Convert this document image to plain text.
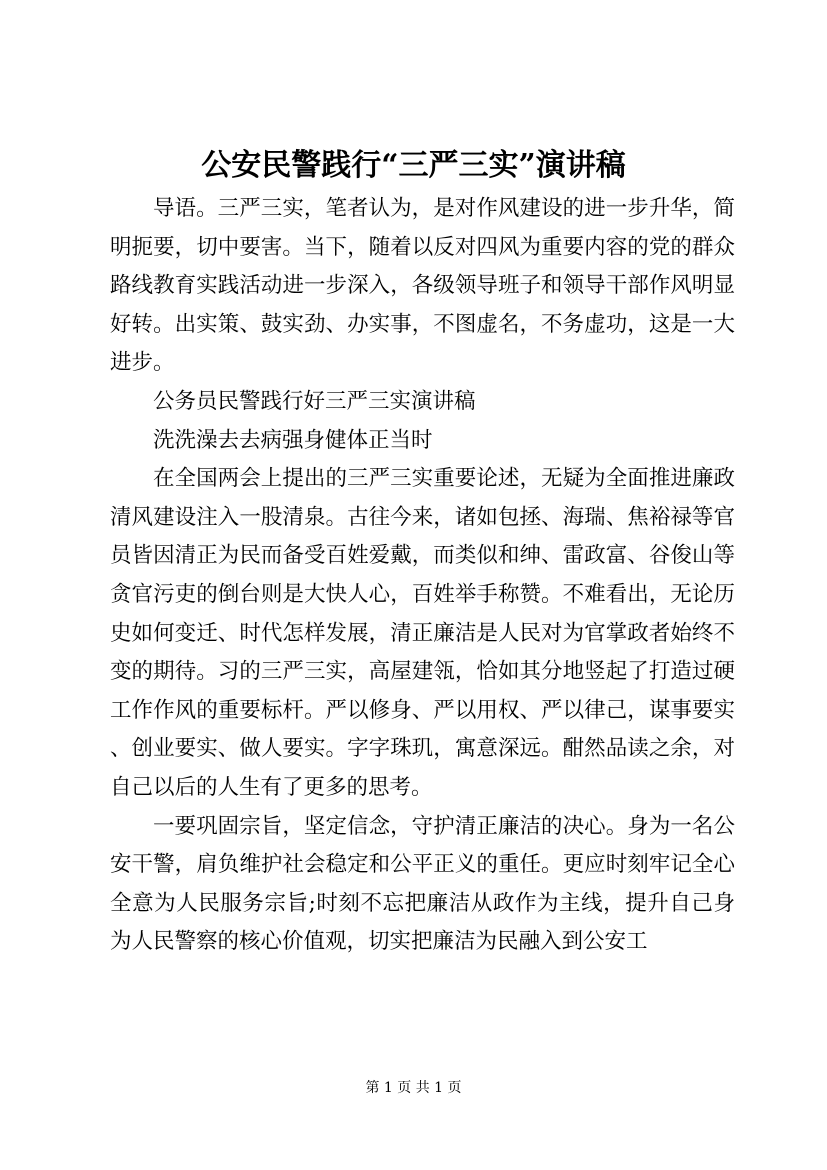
公安民警践行“三严三实”演讲稿

导语。三严三实，笔者认为，是对作风建设的进一步升华，简明扼要，切中要害。当下，随着以反对四风为重要内容的党的群众路线教育实践活动进一步深入，各级领导班子和领导干部作风明显好转。出实策、鼓实劲、办实事，不图虚名，不务虚功，这是一大进步。

公务员民警践行好三严三实演讲稿

洗洗澡去去病强身健体正当时

在全国两会上提出的三严三实重要论述，无疑为全面推进廉政清风建设注入一股清泉。古往今来，诸如包拯、海瑞、焦裕禄等官员皆因清正为民而备受百姓爱戴，而类似和绅、雷政富、谷俊山等贪官污吏的倒台则是大快人心，百姓举手称赞。不难看出，无论历史如何变迁、时代怎样发展，清正廉洁是人民对为官掌政者始终不变的期待。习的三严三实，高屋建瓴，恰如其分地竖起了打造过硬工作作风的重要标杆。严以修身、严以用权、严以律己，谋事要实、创业要实、做人要实。字字珠玑，寓意深远。酣然品读之余，对自己以后的人生有了更多的思考。

一要巩固宗旨，坚定信念，守护清正廉洁的决心。身为一名公安干警，肩负维护社会稳定和公平正义的重任。更应时刻牢记全心全意为人民服务宗旨;时刻不忘把廉洁从政作为主线，提升自己身为人民警察的核心价值观，切实把廉洁为民融入到公安工

第 1 页 共 1 页
